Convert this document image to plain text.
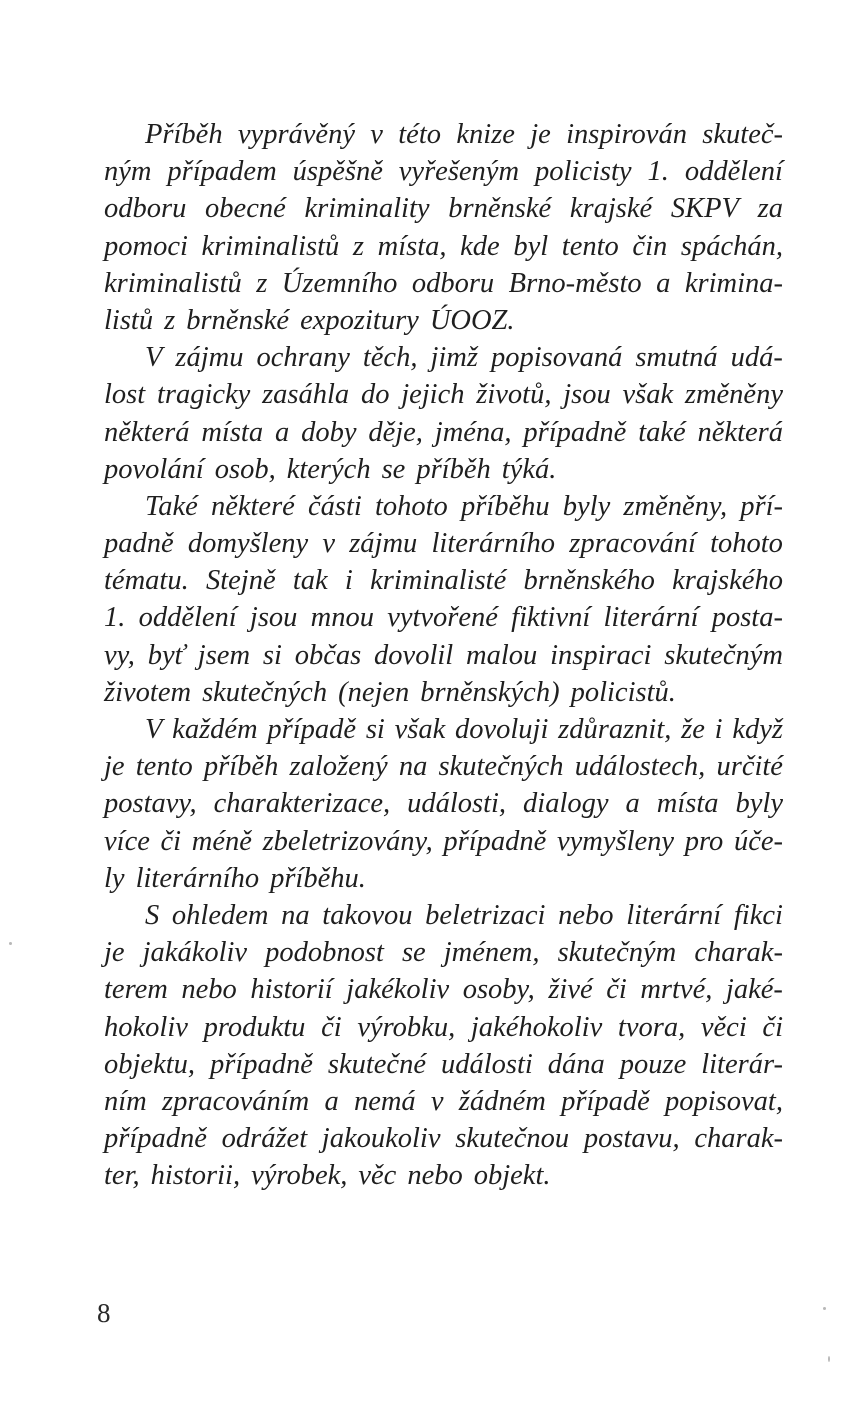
Příběh vyprávěný v této knize je inspirován skuteč-
ným případem úspěšně vyřešeným policisty 1. oddělení
odboru obecné kriminality brněnské krajské SKPV za
pomoci kriminalistů z místa, kde byl tento čin spáchán,
kriminalistů z Územního odboru Brno-město a krimina-
listů z brněnské expozitury ÚOOZ.
V zájmu ochrany těch, jimž popisovaná smutná udá-
lost tragicky zasáhla do jejich životů, jsou však změněny
některá místa a doby děje, jména, případně také některá
povolání osob, kterých se příběh týká.
Také některé části tohoto příběhu byly změněny, pří-
padně domyšleny v zájmu literárního zpracování tohoto
tématu. Stejně tak i kriminalisté brněnského krajského
1. oddělení jsou mnou vytvořené fiktivní literární posta-
vy, byť jsem si občas dovolil malou inspiraci skutečným
životem skutečných (nejen brněnských) policistů.
V každém případě si však dovoluji zdůraznit, že i když
je tento příběh založený na skutečných událostech, určité
postavy, charakterizace, události, dialogy a místa byly
více či méně zbeletrizovány, případně vymyšleny pro úče-
ly literárního příběhu.
S ohledem na takovou beletrizaci nebo literární fikci
je jakákoliv podobnost se jménem, skutečným charak-
terem nebo historií jakékoliv osoby, živé či mrtvé, jaké-
hokoliv produktu či výrobku, jakéhokoliv tvora, věci či
objektu, případně skutečné události dána pouze literár-
ním zpracováním a nemá v žádném případě popisovat,
případně odrážet jakoukoliv skutečnou postavu, charak-
ter, historii, výrobek, věc nebo objekt.
8
